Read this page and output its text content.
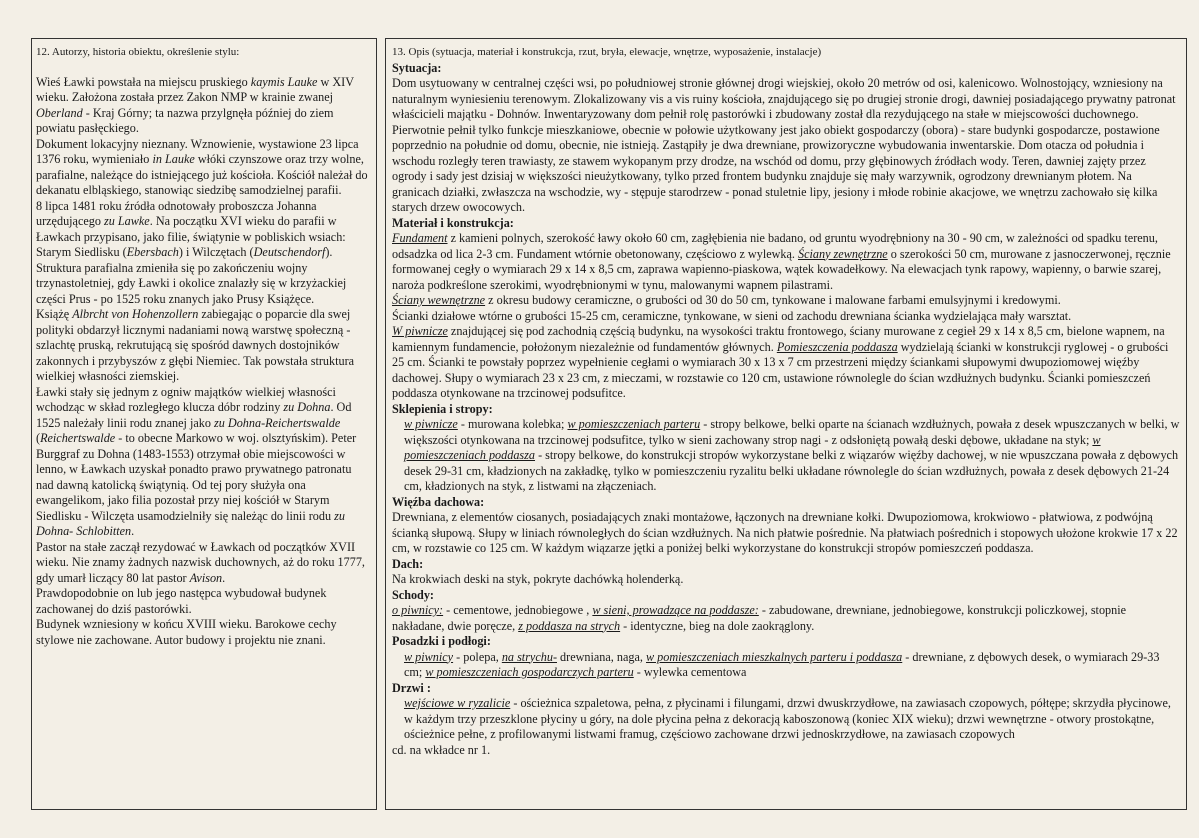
12. Autorzy, historia obiektu, określenie stylu:

Wieś Ławki powstała na miejscu pruskiego kaymis Lauke w XIV wieku. Założona została przez Zakon NMP w krainie zwanej Oberland - Kraj Górny; ta nazwa przylgnęła później do ziem powiatu pasłęckiego.

Dokument lokacyjny nieznany. Wznowienie, wystawione 23 lipca 1376 roku, wymieniało in Lauke włóki czynszowe oraz trzy wolne, parafialne, należące do istniejącego już kościoła. Kościół należał do dekanatu elbląskiego, stanowiąc siedzibę samodzielnej parafii.

8 lipca 1481 roku źródła odnotowały proboszcza Johanna urzędującego zu Lawke. Na początku XVI wieku do parafii w Ławkach przypisano, jako filie, świątynie w pobliskich wsiach: Starym Siedlisku (Ebersbach) i Wilczętach (Deutschendorf). Struktura parafialna zmieniła się po zakończeniu wojny trzynastoletniej, gdy Ławki i okolice znalazły się w krzyżackiej części Prus - po 1525 roku znanych jako Prusy Książęce.

Książę Albrcht von Hohenzollern zabiegając o poparcie dla swej polityki obdarzył licznymi nadaniami nową warstwę społeczną - szlachtę pruską, rekrutującą się spośród dawnych dostojników zakonnych i przybyszów z głębi Niemiec. Tak powstała struktura wielkiej własności ziemskiej.

Ławki stały się jednym z ogniw majątków wielkiej własności wchodząc w skład rozległego klucza dóbr rodziny zu Dohna. Od 1525 należały linii rodu znanej jako zu Dohna-Reichertswalde (Reichertswalde - to obecne Markowo w woj. olsztyńskim). Peter Burggraf zu Dohna (1483-1553) otrzymał obie miejscowości w lenno, w Ławkach uzyskał ponadto prawo prywatnego patronatu nad dawną katolicką świątynią. Od tej pory służyła ona ewangelikom, jako filia pozostał przy niej kościół w Starym Siedlisku - Wilczęta usamodzielniły się należąc do linii rodu zu Dohna- Schlobitten.

Pastor na stałe zaczął rezydować w Ławkach od początków XVII wieku. Nie znamy żadnych nazwisk duchownych, aż do roku 1777, gdy umarł liczący 80 lat pastor Avison.

Prawdopodobnie on lub jego następca wybudował budynek zachowanej do dziś pastorówki.

Budynek wzniesiony w końcu XVIII wieku. Barokowe cechy stylowe nie zachowane. Autor budowy i projektu nie znani.

13. Opis (sytuacja, materiał i konstrukcja, rzut, bryła, elewacje, wnętrze, wyposażenie, instalacje)

Sytuacja:

Dom usytuowany w centralnej części wsi, po południowej stronie głównej drogi wiejskiej, około 20 metrów od osi, kalenicowo. Wolnostojący, wzniesiony na naturalnym wyniesieniu terenowym. Zlokalizowany vis a vis ruiny kościoła, znajdującego się po drugiej stronie drogi, dawniej posiadającego prywatny patronat właścicieli majątku - Dohnów. Inwentaryzowany dom pełnił rolę pastorówki i zbudowany został dla rezydującego na stałe w miejscowości duchownego. Pierwotnie pełnił tylko funkcje mieszkaniowe, obecnie w połowie użytkowany jest jako obiekt gospodarczy (obora) - stare budynki gospodarcze, postawione poprzednio na południe od domu, obecnie, nie istnieją. Zastąpiły je dwa drewniane, prowizoryczne wybudowania inwentarskie. Dom otacza od południa i wschodu rozległy teren trawiasty, ze stawem wykopanym przy drodze, na wschód od domu, przy głębinowych źródłach wody. Teren, dawniej zajęty przez ogrody i sady jest dzisiaj w większości nieużytkowany, tylko przed frontem budynku znajduje się mały warzywnik, ogrodzony drewnianym płotem. Na granicach działki, zwłaszcza na wschodzie, wy - stępuje starodrzew - ponad stuletnie lipy, jesiony i młode robinie akacjowe, we wnętrzu zachowało się kilka starych drzew owocowych.

Materiał i konstrukcja:

Fundament z kamieni polnych, szerokość ławy około 60 cm, zagłębienia nie badano, od gruntu wyodrębniony na 30 - 90 cm, w zależności od spadku terenu, odsadzka od lica 2-3 cm. Fundament wtórnie obetonowany, częściowo z wylewką. Ściany zewnętrzne o szerokości 50 cm, murowane z jasnoczerwonej, ręcznie formowanej cegły o wymiarach 29 x 14 x 8,5 cm, zaprawa wapienno-piaskowa, wątek kowadełkowy. Na elewacjach tynk rapowy, wapienny, o barwie szarej, naroża podkreślone szerokimi, wyodrębnionymi w tynu, malowanymi wapnem pilastrami.

Ściany wewnętrzne z okresu budowy ceramiczne, o grubości od 30 do 50 cm, tynkowane i malowane farbami emulsyjnymi i kredowymi.

Ścianki działowe wtórne o grubości 15-25 cm, ceramiczne, tynkowane, w sieni od zachodu drewniana ścianka wydzielająca mały warsztat.

W piwnicze znajdującej się pod zachodnią częścią budynku, na wysokości traktu frontowego, ściany murowane z cegieł 29 x 14 x 8,5 cm, bielone wapnem, na kamiennym fundamencie, położonym niezależnie od fundamentów głównych. Pomieszczenia poddasza wydzielają ścianki w konstrukcji ryglowej - o grubości 25 cm. Ścianki te powstały poprzez wypełnienie cegłami o wymiarach 30 x 13 x 7 cm przestrzeni między ściankami słupowymi dwupoziomowej więźby dachowej. Słupy o wymiarach 23 x 23 cm, z mieczami, w rozstawie co 120 cm, ustawione równolegle do ścian wzdłużnych budynku. Ścianki pomieszczeń poddasza otynkowane na trzcinowej podsufitce.

Sklepienia i stropy:

w piwnicze - murowana kolebka; w pomieszczeniach parteru - stropy belkowe, belki oparte na ścianach wzdłużnych, powała z desek wpuszczanych w belki, w większości otynkowana na trzcinowej podsufitce, tylko w sieni zachowany strop nagi - z odsłoniętą powałą deski dębowe, układane na styk; w pomieszczeniach poddasza - stropy belkowe, do konstrukcji stropów wykorzystane belki z wiązarów więźby dachowej, w nie wpuszczana powała z dębowych desek 29-31 cm, kładzionych na zakładkę, tylko w pomieszczeniu ryzalitu belki układane równolegle do ścian wzdłużnych, powała z desek dębowych 21-24 cm, kładzionych na styk, z listwami na złączeniach.

Więźba dachowa:

Drewniana, z elementów ciosanych, posiadających znaki montażowe, łączonych na drewniane kołki. Dwupoziomowa, krokwiowo - płatwiowa, z podwójną ścianką słupową. Słupy w liniach równoległych do ścian wzdłużnych. Na nich płatwie pośrednie. Na płatwiach pośrednich i stopowych ułożone krokwie 17 x 22 cm, w rozstawie co 125 cm. W każdym wiązarze jętki a poniżej belki wykorzystane do konstrukcji stropów pomieszczeń poddasza.

Dach:

Na krokwiach deski na styk, pokryte dachówką holenderką.

Schody:

o piwnicy: - cementowe, jednobiegowe , w sieni, prowadzące na poddasze: - zabudowane, drewniane, jednobiegowe, konstrukcji policzkowej, stopnie nakładane, dwie poręcze, z poddasza na strych - identyczne, bieg na dole zaokrąglony.

Posadzki i podłogi:

w piwnicy - polepa, na strychu- drewniana, naga, w pomieszczeniach mieszkalnych parteru i poddasza - drewniane, z dębowych desek, o wymiarach 29-33 cm; w pomieszczeniach gospodarczych parteru - wylewka cementowa

Drzwi :

wejściowe w ryzalicie - ościeżnica szpaletowa, pełna, z płycinami i filungami, drzwi dwuskrzydłowe, na zawiasach czopowych, półtępe; skrzydła płycinowe, w każdym trzy przeszklone płyciny u góry, na dole płycina pełna z dekoracją kaboszonową (koniec XIX wieku); drzwi wewnętrzne - otwory prostokątne, ościeżnice pełne, z profilowanymi listwami framug, częściowo zachowane drzwi jednoskrzydłowe, na zawiasach czopowych

cd. na wkładce nr 1.
